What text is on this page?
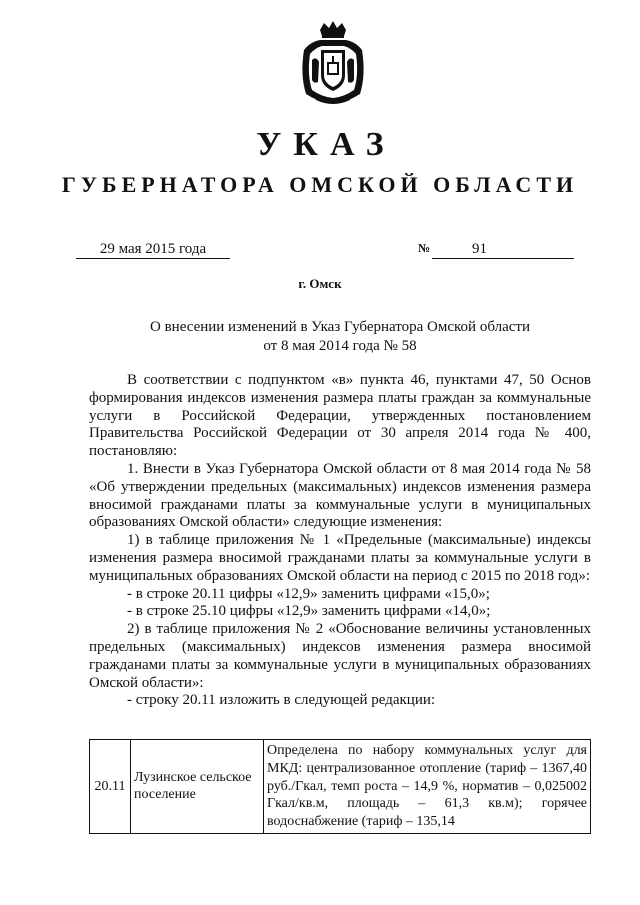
УКАЗ
ГУБЕРНАТОРА ОМСКОЙ ОБЛАСТИ
29 мая 2015 года	№	91
г. Омск
О внесении изменений в Указ Губернатора Омской области
от 8 мая 2014 года № 58

В соответствии с подпунктом «в» пункта 46, пунктами 47, 50 Основ формирования индексов изменения размера платы граждан за коммунальные услуги в Российской Федерации, утвержденных постановлением Правительства Российской Федерации от 30 апреля 2014 года № 400, постановляю:

1. Внести в Указ Губернатора Омской области от 8 мая 2014 года № 58 «Об утверждении предельных (максимальных) индексов изменения размера вносимой гражданами платы за коммунальные услуги в муниципальных образованиях Омской области» следующие изменения:

1) в таблице приложения № 1 «Предельные (максимальные) индексы изменения размера вносимой гражданами платы за коммунальные услуги в муниципальных образованиях Омской области на период с 2015 по 2018 год»:

- в строке 20.11 цифры «12,9» заменить цифрами «15,0»;

- в строке 25.10 цифры «12,9» заменить цифрами «14,0»;

2) в таблице приложения № 2 «Обоснование величины установленных предельных (максимальных) индексов изменения размера вносимой гражданами платы за коммунальные услуги в муниципальных образованиях Омской области»:

- строку 20.11 изложить в следующей редакции:

20.11	Лузинское сельское поселение	Определена по набору коммунальных услуг для МКД: централизованное отопление (тариф – 1367,40 руб./Гкал, темп роста – 14,9 %, норматив – 0,025002 Гкал/кв.м, площадь – 61,3 кв.м); горячее водоснабжение (тариф – 135,14
